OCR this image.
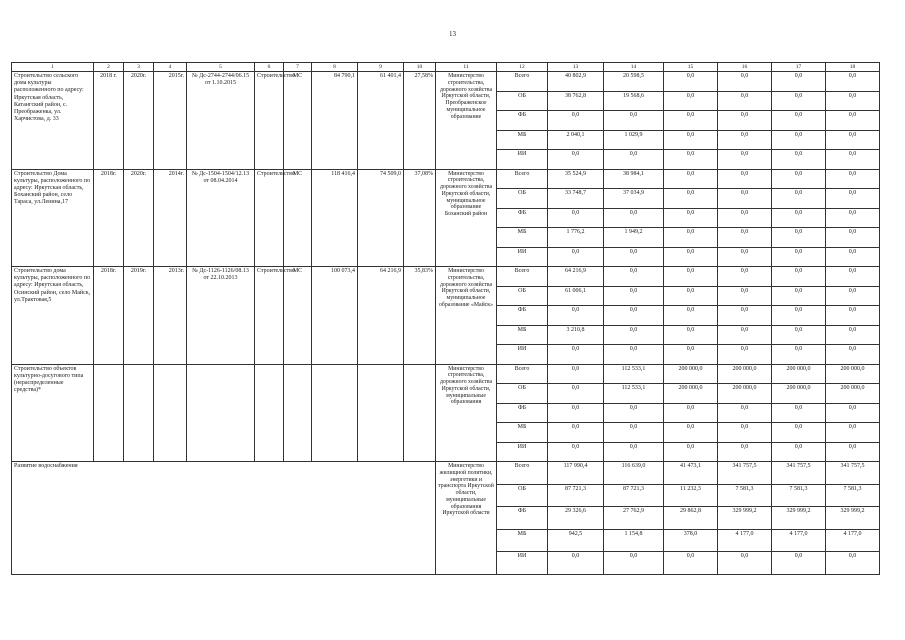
13
1	2	3	4	5	6	7	8	9	10	11	12	13	14	15	16	17	18
Строительство сельского дома культуры расположенного по адресу: Иркутская область, Катангский район, с. Преображенка, ул. Харчистова, д. 33	2018 г.	2020г.	2015г.	№ Дс-2744-2744/06.15 от 1.10.2015	Строительство	МС	84 790,1	61 401,4	27,58%	Министерство строительства, дорожного хозяйства Иркутской области, Преображенское муниципальное образование	Всего	40 802,9	20 598,5	0,0	0,0	0,0	0,0
											ОБ	38 762,8	19 568,6	0,0	0,0	0,0	0,0
											ФБ	0,0	0,0	0,0	0,0	0,0	0,0
											МБ	2 040,1	1 029,9	0,0	0,0	0,0	0,0
											ИИ	0,0	0,0	0,0	0,0	0,0	0,0
Строительство Дома культуры, расположенного по адресу: Иркутская область, Боханский район, село Тараса, ул.Ленина,17	2018г.	2020г.	2014г.	№ Дс-1504-1504/12.13 от 08.04.2014	Строительство	МС	118 416,4	74 509,0	37,08%	Министерство строительства, дорожного хозяйства Иркутской области, муниципальное образование Боханский район	Всего	35 524,9	38 984,1	0,0	0,0	0,0	0,0
											ОБ	33 748,7	37 034,9	0,0	0,0	0,0	0,0
											ФБ	0,0	0,0	0,0	0,0	0,0	0,0
											МБ	1 776,2	1 949,2	0,0	0,0	0,0	0,0
											ИИ	0,0	0,0	0,0	0,0	0,0	0,0
Строительство дома культуры, расположенного по адресу: Иркутская область, Осинский район, село Майск, ул.Трактовая,5	2018г.	2019г.	2013г.	№ Дс-1126-1126/08.13 от 22.10.2013	Строительство	МС	100 073,4	64 216,9	35,83%	Министерство строительства, дорожного хозяйства Иркутской области, муниципальное образование «Майск»	Всего	64 216,9	0,0	0,0	0,0	0,0	0,0
											ОБ	61 006,1	0,0	0,0	0,0	0,0	0,0
											ФБ	0,0	0,0	0,0	0,0	0,0	0,0
											МБ	3 210,8	0,0	0,0	0,0	0,0	0,0
											ИИ	0,0	0,0	0,0	0,0	0,0	0,0
Строительство объектов культурно-досугового типа (нераспределенные средства)*										Министерство строительства, дорожного хозяйства Иркутской области, муниципальные образования	Всего	0,0	112 533,1	200 000,0	200 000,0	200 000,0	200 000,0
											ОБ	0,0	112 533,1	200 000,0	200 000,0	200 000,0	200 000,0
											ФБ	0,0	0,0	0,0	0,0	0,0	0,0
											МБ	0,0	0,0	0,0	0,0	0,0	0,0
											ИИ	0,0	0,0	0,0	0,0	0,0	0,0
Развитие водоснабжения										Министерство жилищной политики, энергетики и транспорта Иркутской области, муниципальные образования Иркутской области	Всего	117 990,4	116 639,0	41 473,1	341 757,5	341 757,5	341 757,5
											ОБ	87 721,3	87 721,3	11 232,3	7 581,3	7 581,3	7 581,3
											ФБ	29 326,6	27 762,9	29 862,8	329 999,2	329 999,2	329 999,2
											МБ	942,5	1 154,8	378,0	4 177,0	4 177,0	4 177,0
											ИИ	0,0	0,0	0,0	0,0	0,0	0,0
